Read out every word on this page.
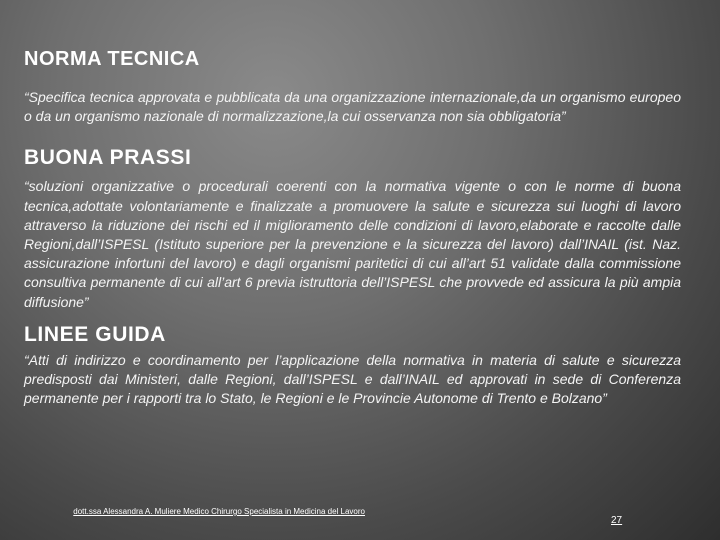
NORMA TECNICA

“Specifica tecnica approvata e pubblicata da una organizzazione internazionale,da un organismo europeo o da un organismo nazionale di normalizzazione,la cui osservanza non sia obbligatoria”

BUONA PRASSI

“soluzioni organizzative o procedurali coerenti con la normativa vigente o con le norme di buona tecnica,adottate volontariamente e finalizzate a promuovere la salute e sicurezza sui luoghi di lavoro attraverso la riduzione dei rischi ed il miglioramento delle condizioni di lavoro,elaborate e raccolte dalle Regioni,dall’ISPESL (Istituto superiore per la prevenzione e la sicurezza del lavoro) dall’INAIL (ist. Naz. assicurazione infortuni del lavoro) e dagli organismi paritetici di cui all’art 51 validate dalla commissione consultiva permanente di cui all’art 6 previa istruttoria dell’ISPESL che provvede ed assicura la più ampia diffusione”

LINEE GUIDA

“Atti di indirizzo e coordinamento per l’applicazione della normativa in materia di salute e sicurezza predisposti dai Ministeri, dalle Regioni, dall’ISPESL e dall’INAIL ed approvati in sede di Conferenza permanente per i rapporti tra lo Stato, le Regioni e le Provincie Autonome di Trento e Bolzano”

dott.ssa Alessandra A. Muliere Medico Chirurgo Specialista in Medicina del Lavoro
27
